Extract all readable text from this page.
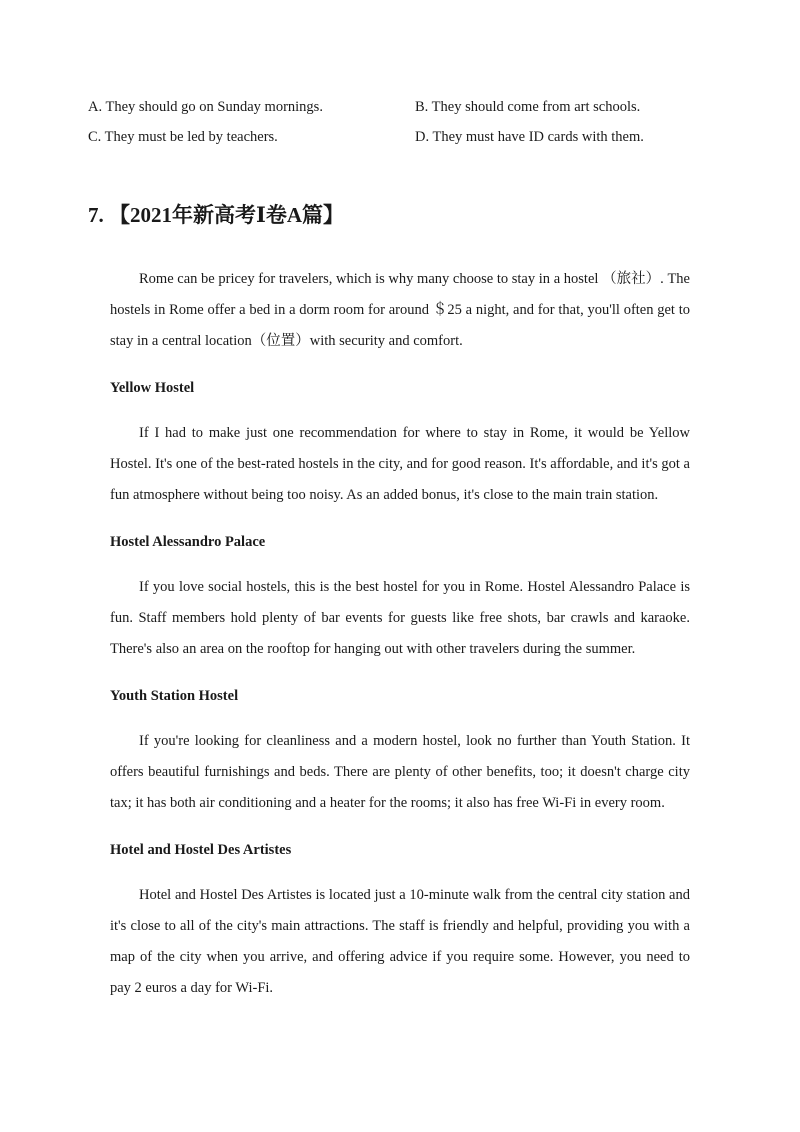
A. They should go on Sunday mornings.	B. They should come from art schools.
C. They must be led by teachers.	D. They must have ID cards with them.
7. 【2021年新高考Ⅰ卷A篇】

Rome can be pricey for travelers, which is why many choose to stay in a hostel （旅社）. The hostels in Rome offer a bed in a dorm room for around ＄25 a night, and for that, you'll often get to stay in a central location（位置）with security and comfort.

Yellow Hostel

If I had to make just one recommendation for where to stay in Rome, it would be Yellow Hostel. It's one of the best-rated hostels in the city, and for good reason. It's affordable, and it's got a fun atmosphere without being too noisy. As an added bonus, it's close to the main train station.

Hostel Alessandro Palace

If you love social hostels, this is the best hostel for you in Rome. Hostel Alessandro Palace is fun. Staff members hold plenty of bar events for guests like free shots, bar crawls and karaoke. There's also an area on the rooftop for hanging out with other travelers during the summer.

Youth Station Hostel

If you're looking for cleanliness and a modern hostel, look no further than Youth Station. It offers beautiful furnishings and beds. There are plenty of other benefits, too; it doesn't charge city tax; it has both air conditioning and a heater for the rooms; it also has free Wi-Fi in every room.

Hotel and Hostel Des Artistes

Hotel and Hostel Des Artistes is located just a 10-minute walk from the central city station and it's close to all of the city's main attractions. The staff is friendly and helpful, providing you with a map of the city when you arrive, and offering advice if you require some. However, you need to pay 2 euros a day for Wi-Fi.
